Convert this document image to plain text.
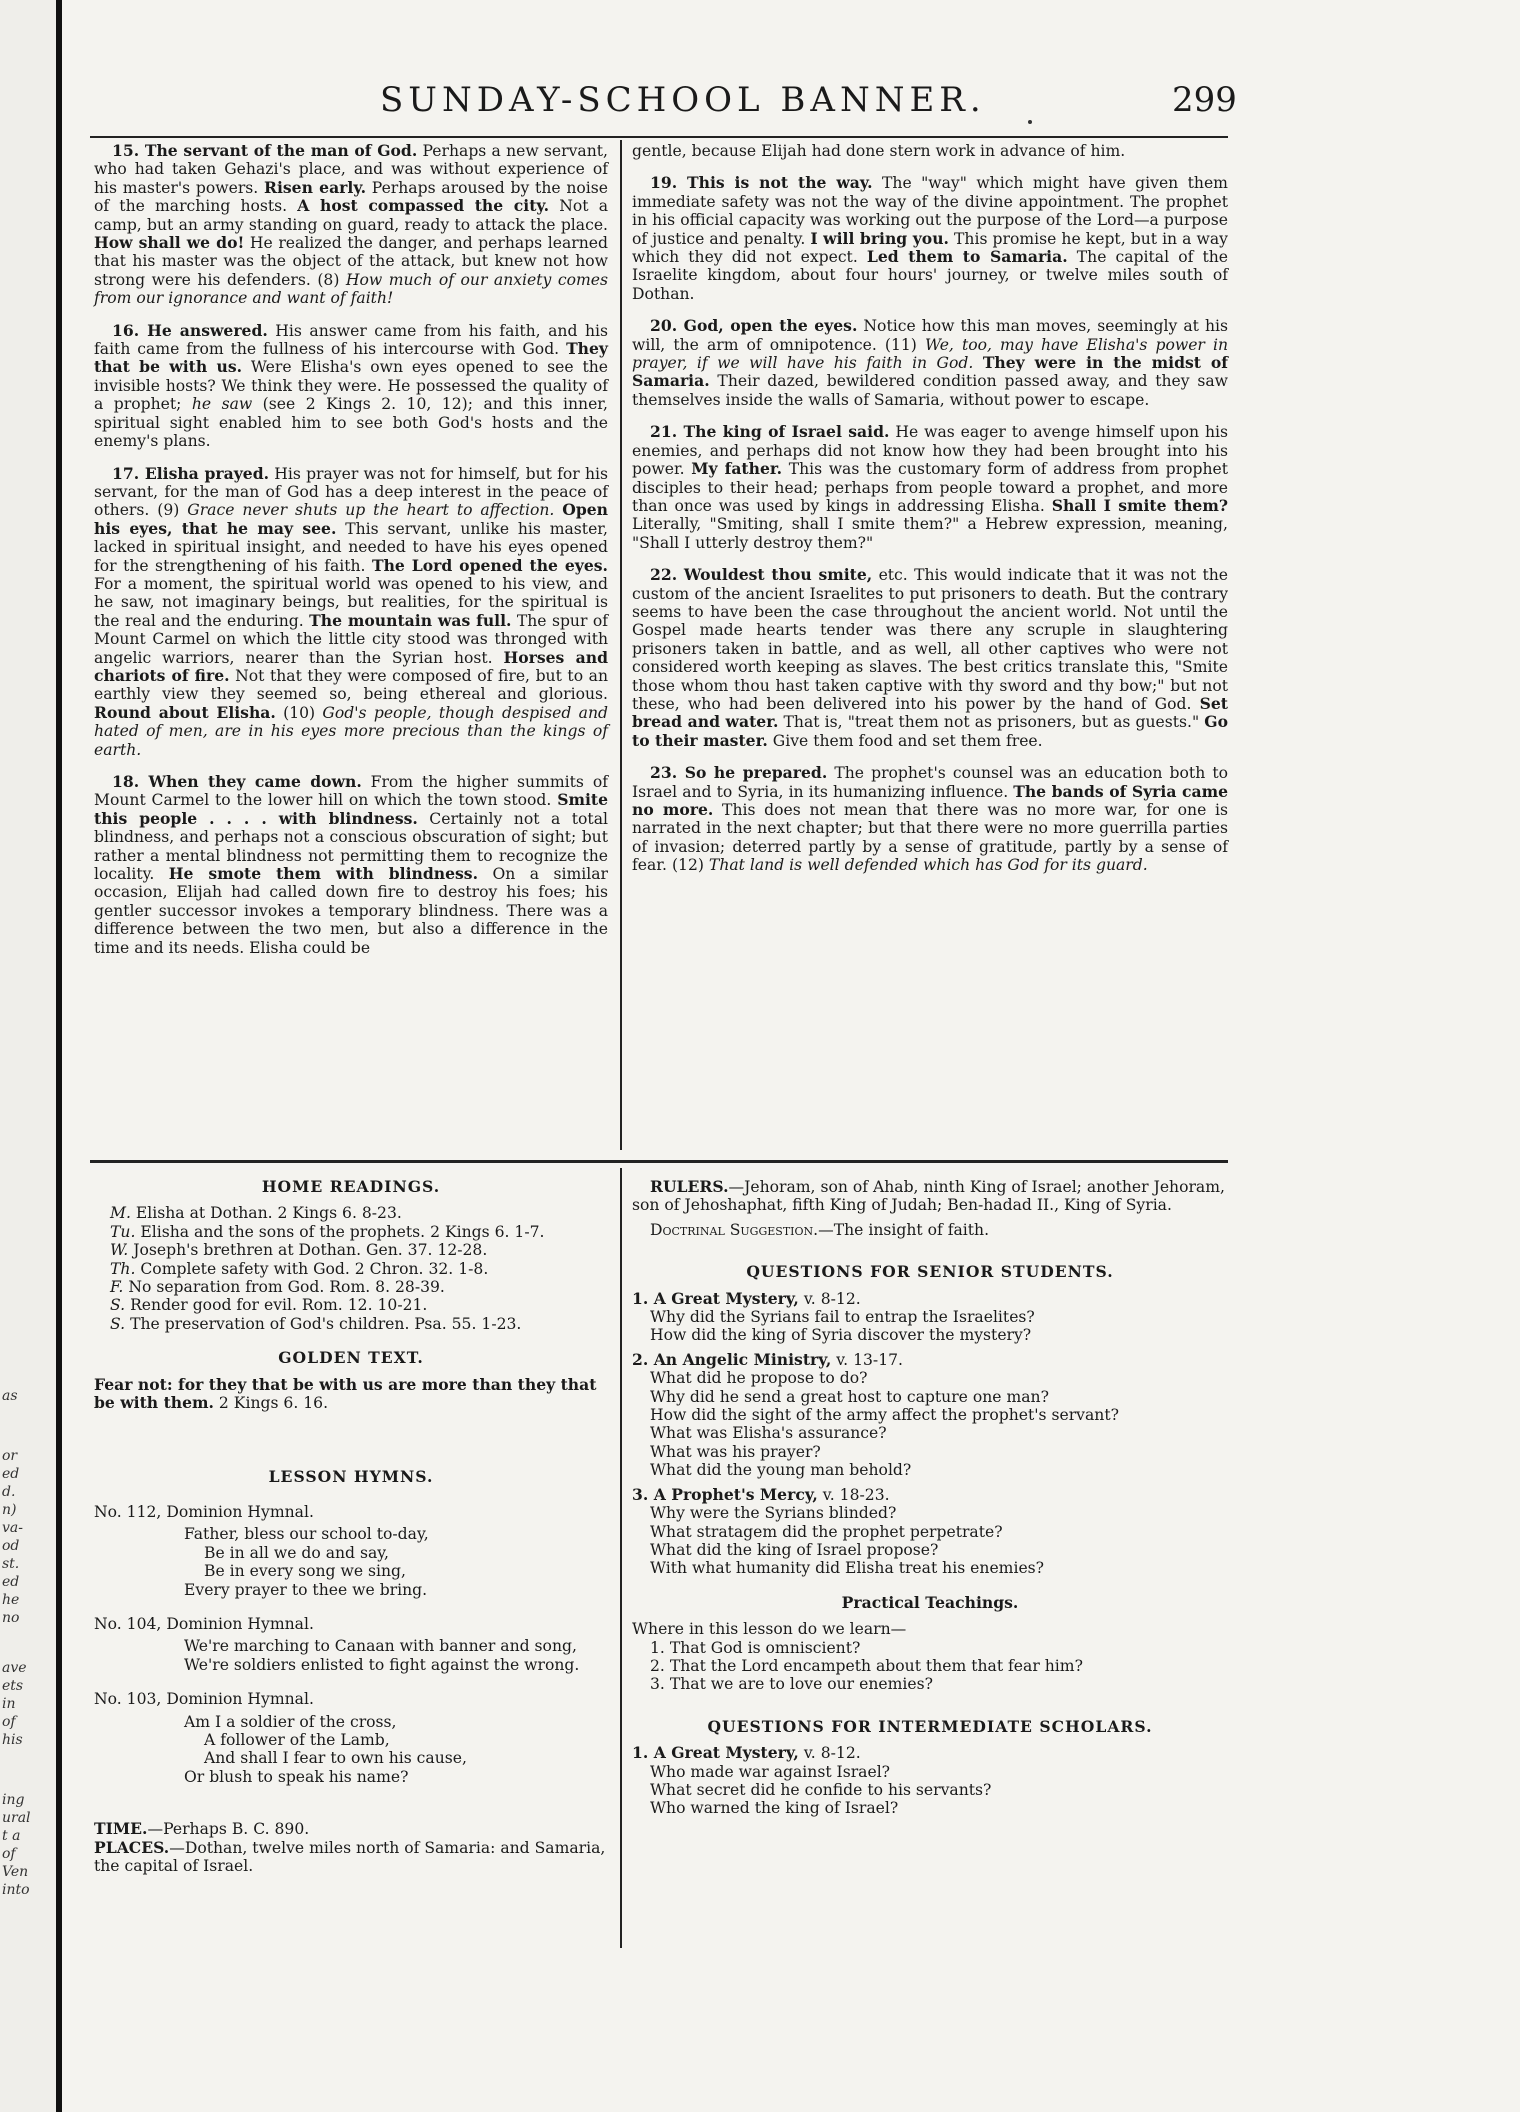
as
or
ed
d.
n)
va-
od
st.
ed
he
no
ave
ets
in
of
his
ing
ural
t a
of
Ven
into
SUNDAY-SCHOOL BANNER.	299

15. The servant of the man of God. Perhaps a new servant, who had taken Gehazi's place, and was without experience of his master's powers. Risen early. Perhaps aroused by the noise of the marching hosts. A host compassed the city. Not a camp, but an army standing on guard, ready to attack the place. How shall we do! He realized the danger, and perhaps learned that his master was the object of the attack, but knew not how strong were his defenders. (8) How much of our anxiety comes from our ignorance and want of faith!

16. He answered. His answer came from his faith, and his faith came from the fullness of his intercourse with God. They that be with us. Were Elisha's own eyes opened to see the invisible hosts? We think they were. He possessed the quality of a prophet; he saw (see 2 Kings 2. 10, 12); and this inner, spiritual sight enabled him to see both God's hosts and the enemy's plans.

17. Elisha prayed. His prayer was not for himself, but for his servant, for the man of God has a deep interest in the peace of others. (9) Grace never shuts up the heart to affection. Open his eyes, that he may see. This servant, unlike his master, lacked in spiritual insight, and needed to have his eyes opened for the strengthening of his faith. The Lord opened the eyes. For a moment, the spiritual world was opened to his view, and he saw, not imaginary beings, but realities, for the spiritual is the real and the enduring. The mountain was full. The spur of Mount Carmel on which the little city stood was thronged with angelic warriors, nearer than the Syrian host. Horses and chariots of fire. Not that they were composed of fire, but to an earthly view they seemed so, being ethereal and glorious. Round about Elisha. (10) God's people, though despised and hated of men, are in his eyes more precious than the kings of earth.

18. When they came down. From the higher summits of Mount Carmel to the lower hill on which the town stood. Smite this people . . . . with blindness. Certainly not a total blindness, and perhaps not a conscious obscuration of sight; but rather a mental blindness not permitting them to recognize the locality. He smote them with blindness. On a similar occasion, Elijah had called down fire to destroy his foes; his gentler successor invokes a temporary blindness. There was a difference between the two men, but also a difference in the time and its needs. Elisha could be

gentle, because Elijah had done stern work in advance of him.

19. This is not the way. The "way" which might have given them immediate safety was not the way of the divine appointment. The prophet in his official capacity was working out the purpose of the Lord—a purpose of justice and penalty. I will bring you. This promise he kept, but in a way which they did not expect. Led them to Samaria. The capital of the Israelite kingdom, about four hours' journey, or twelve miles south of Dothan.

20. God, open the eyes. Notice how this man moves, seemingly at his will, the arm of omnipotence. (11) We, too, may have Elisha's power in prayer, if we will have his faith in God. They were in the midst of Samaria. Their dazed, bewildered condition passed away, and they saw themselves inside the walls of Samaria, without power to escape.

21. The king of Israel said. He was eager to avenge himself upon his enemies, and perhaps did not know how they had been brought into his power. My father. This was the customary form of address from prophet disciples to their head; perhaps from people toward a prophet, and more than once was used by kings in addressing Elisha. Shall I smite them? Literally, "Smiting, shall I smite them?" a Hebrew expression, meaning, "Shall I utterly destroy them?"

22. Wouldest thou smite, etc. This would indicate that it was not the custom of the ancient Israelites to put prisoners to death. But the contrary seems to have been the case throughout the ancient world. Not until the Gospel made hearts tender was there any scruple in slaughtering prisoners taken in battle, and as well, all other captives who were not considered worth keeping as slaves. The best critics translate this, "Smite those whom thou hast taken captive with thy sword and thy bow;" but not these, who had been delivered into his power by the hand of God. Set bread and water. That is, "treat them not as prisoners, but as guests." Go to their master. Give them food and set them free.

23. So he prepared. The prophet's counsel was an education both to Israel and to Syria, in its humanizing influence. The bands of Syria came no more. This does not mean that there was no more war, for one is narrated in the next chapter; but that there were no more guerrilla parties of invasion; deterred partly by a sense of gratitude, partly by a sense of fear. (12) That land is well defended which has God for its guard.

HOME READINGS.

M. Elisha at Dothan. 2 Kings 6. 8-23.

Tu. Elisha and the sons of the prophets. 2 Kings 6. 1-7.

W. Joseph's brethren at Dothan. Gen. 37. 12-28.

Th. Complete safety with God. 2 Chron. 32. 1-8.

F. No separation from God. Rom. 8. 28-39.

S. Render good for evil. Rom. 12. 10-21.

S. The preservation of God's children. Psa. 55. 1-23.

GOLDEN TEXT.

Fear not: for they that be with us are more than they that be with them. 2 Kings 6. 16.

LESSON HYMNS.

No. 112, Dominion Hymnal.

Father, bless our school to-day,

Be in all we do and say,

Be in every song we sing,

Every prayer to thee we bring.

No. 104, Dominion Hymnal.

We're marching to Canaan with banner and song,

We're soldiers enlisted to fight against the wrong.

No. 103, Dominion Hymnal.

Am I a soldier of the cross,

A follower of the Lamb,

And shall I fear to own his cause,

Or blush to speak his name?

TIME.—Perhaps B. C. 890.

PLACES.—Dothan, twelve miles north of Samaria: and Samaria, the capital of Israel.

RULERS.—Jehoram, son of Ahab, ninth King of Israel; another Jehoram, son of Jehoshaphat, fifth King of Judah; Ben-hadad II., King of Syria.

Doctrinal Suggestion.—The insight of faith.

QUESTIONS FOR SENIOR STUDENTS.

1. A Great Mystery, v. 8-12.

Why did the Syrians fail to entrap the Israelites?

How did the king of Syria discover the mystery?

2. An Angelic Ministry, v. 13-17.

What did he propose to do?

Why did he send a great host to capture one man?

How did the sight of the army affect the prophet's servant?

What was Elisha's assurance?

What was his prayer?

What did the young man behold?

3. A Prophet's Mercy, v. 18-23.

Why were the Syrians blinded?

What stratagem did the prophet perpetrate?

What did the king of Israel propose?

With what humanity did Elisha treat his enemies?

Practical Teachings.

Where in this lesson do we learn—

1. That God is omniscient?

2. That the Lord encampeth about them that fear him?

3. That we are to love our enemies?

QUESTIONS FOR INTERMEDIATE SCHOLARS.

1. A Great Mystery, v. 8-12.

Who made war against Israel?

What secret did he confide to his servants?

Who warned the king of Israel?
